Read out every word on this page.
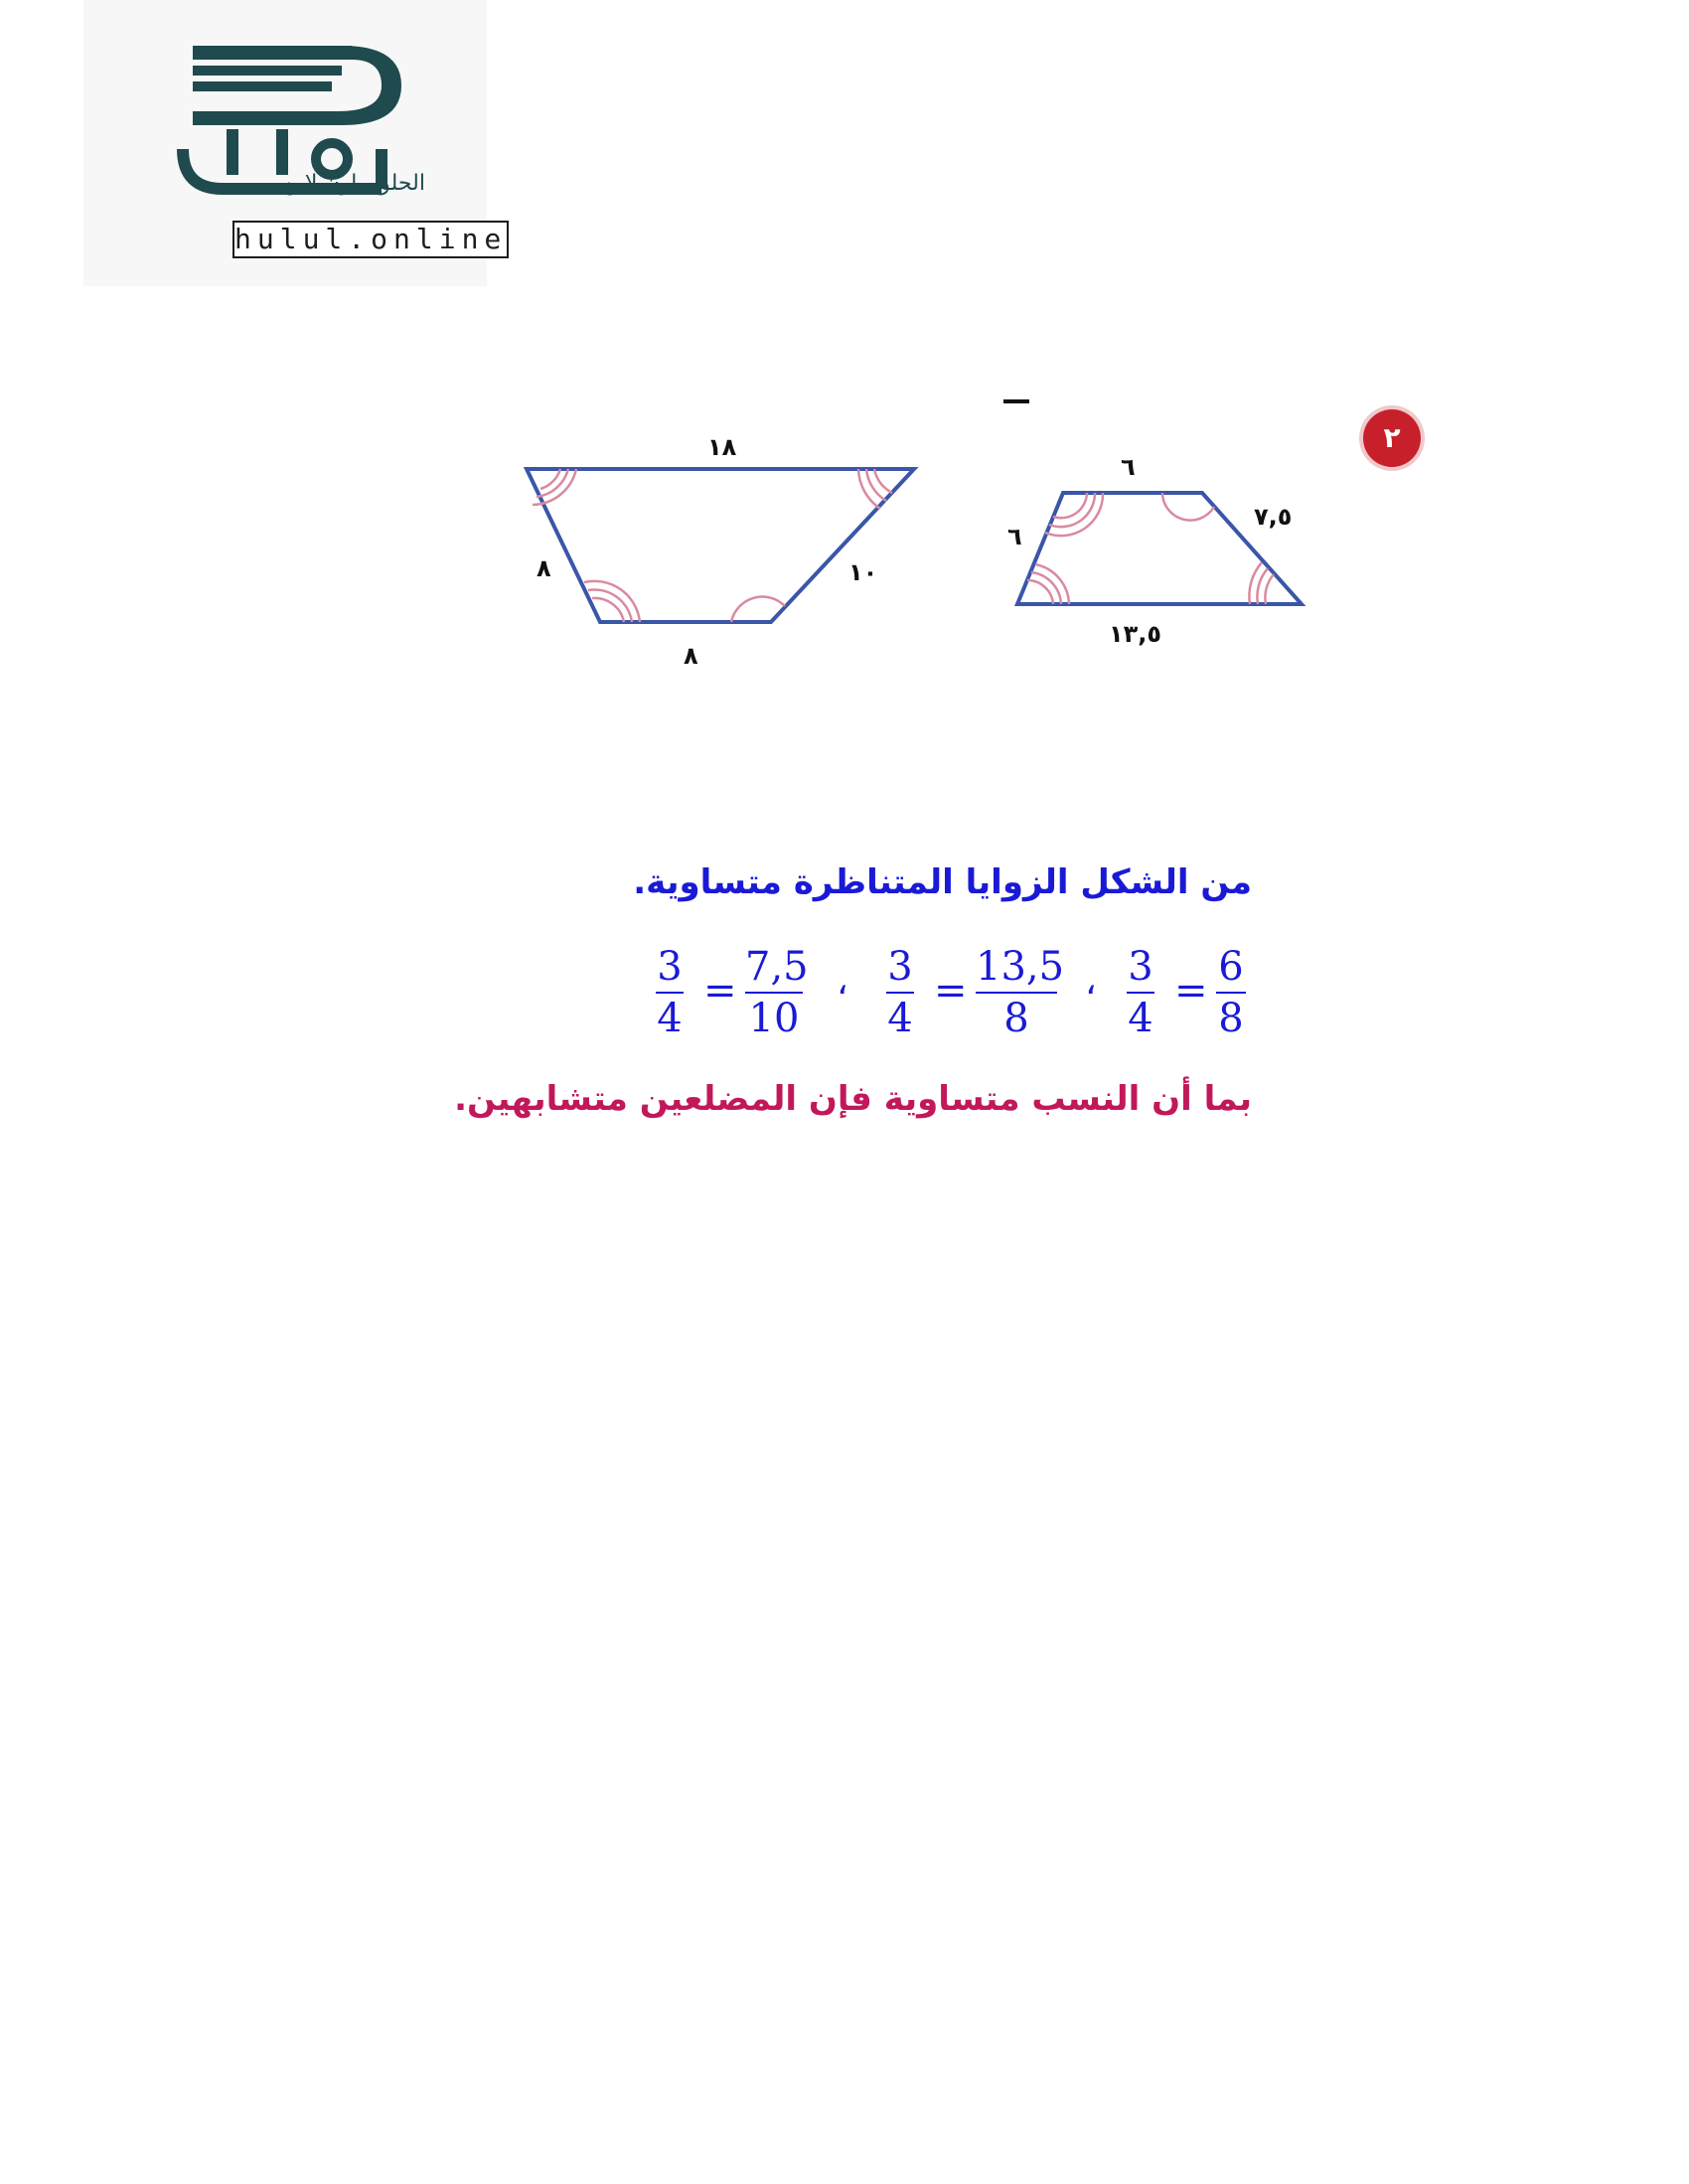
الحلول اون لاين
hulul.online
٢
١٨
٨	١٠
٨
٦
٦
٧,٥
١٣,٥
من الشكل الزوايا المتناظرة متساوية.
3
4
=
7,5
10
، 3
4
=
13,5
8
، 3
4
=
6
8
بما أن النسب متساوية فإن المضلعين متشابهين.
